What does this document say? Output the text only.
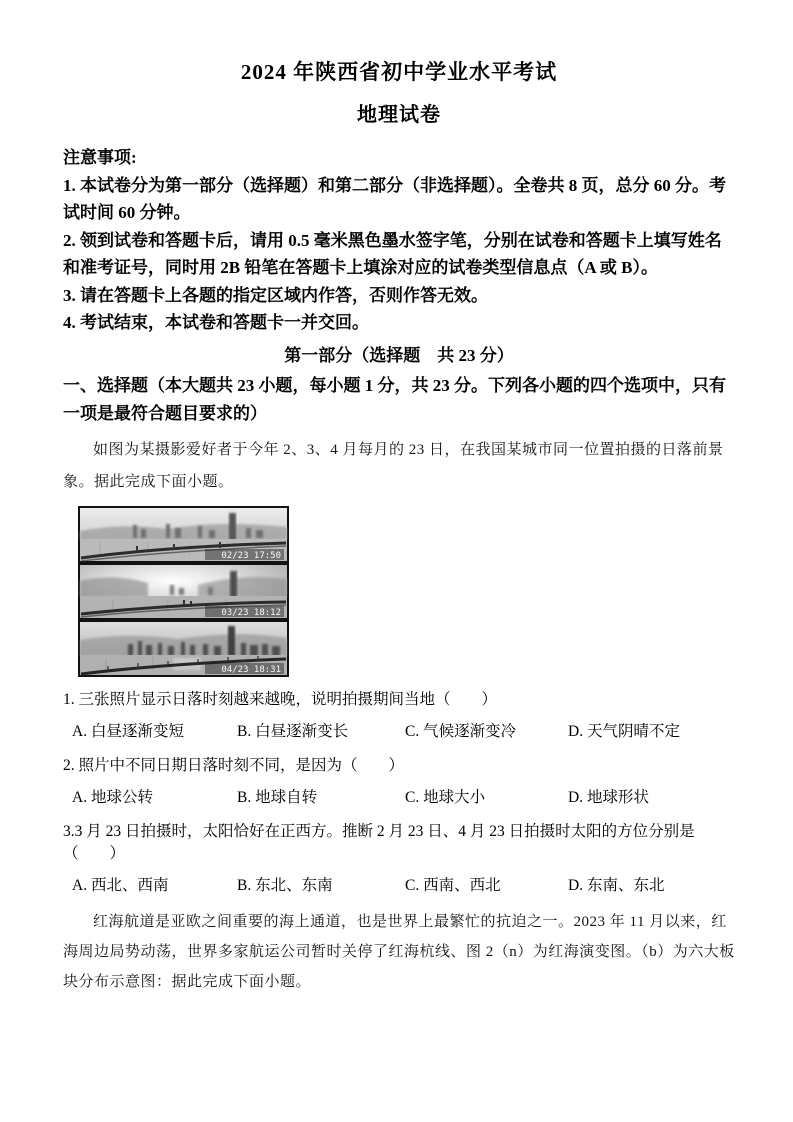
2024 年陕西省初中学业水平考试
地理试卷

注意事项:

1. 本试卷分为第一部分（选择题）和第二部分（非选择题）。全卷共 8 页，总分 60 分。考试时间 60 分钟。

2. 领到试卷和答题卡后，请用 0.5 毫米黑色墨水签字笔，分别在试卷和答题卡上填写姓名和准考证号，同时用 2B 铅笔在答题卡上填涂对应的试卷类型信息点（A 或 B）。

3. 请在答题卡上各题的指定区域内作答，否则作答无效。

4. 考试结束，本试卷和答题卡一并交回。

第一部分（选择题　共 23 分）

一、选择题（本大题共 23 小题，每小题 1 分，共 23 分。下列各小题的四个选项中，只有一项是最符合题目要求的）

如图为某摄影爱好者于今年 2、3、4 月每月的 23 日，在我国某城市同一位置拍摄的日落前景象。据此完成下面小题。

02/23 17:50
03/23 18:12
04/23 18:31

1. 三张照片显示日落时刻越来越晚，说明拍摄期间当地（　　）

A. 白昼逐渐变短	B. 白昼逐渐变长	C. 气候逐渐变冷	D. 天气阴晴不定

2. 照片中不同日期日落时刻不同，是因为（　　）

A. 地球公转	B. 地球自转	C. 地球大小	D. 地球形状

3.3 月 23 日拍摄时，太阳恰好在正西方。推断 2 月 23 日、4 月 23 日拍摄时太阳的方位分别是（　　）

A. 西北、西南	B. 东北、东南	C. 西南、西北	D. 东南、东北

红海航道是亚欧之间重要的海上通道，也是世界上最繁忙的抗迫之一。2023 年 11 月以来，红海周边局势动荡，世界多家航运公司暂时关停了红海杭线、图 2（n）为红海演变图。（b）为六大板块分布示意图：据此完成下面小题。
